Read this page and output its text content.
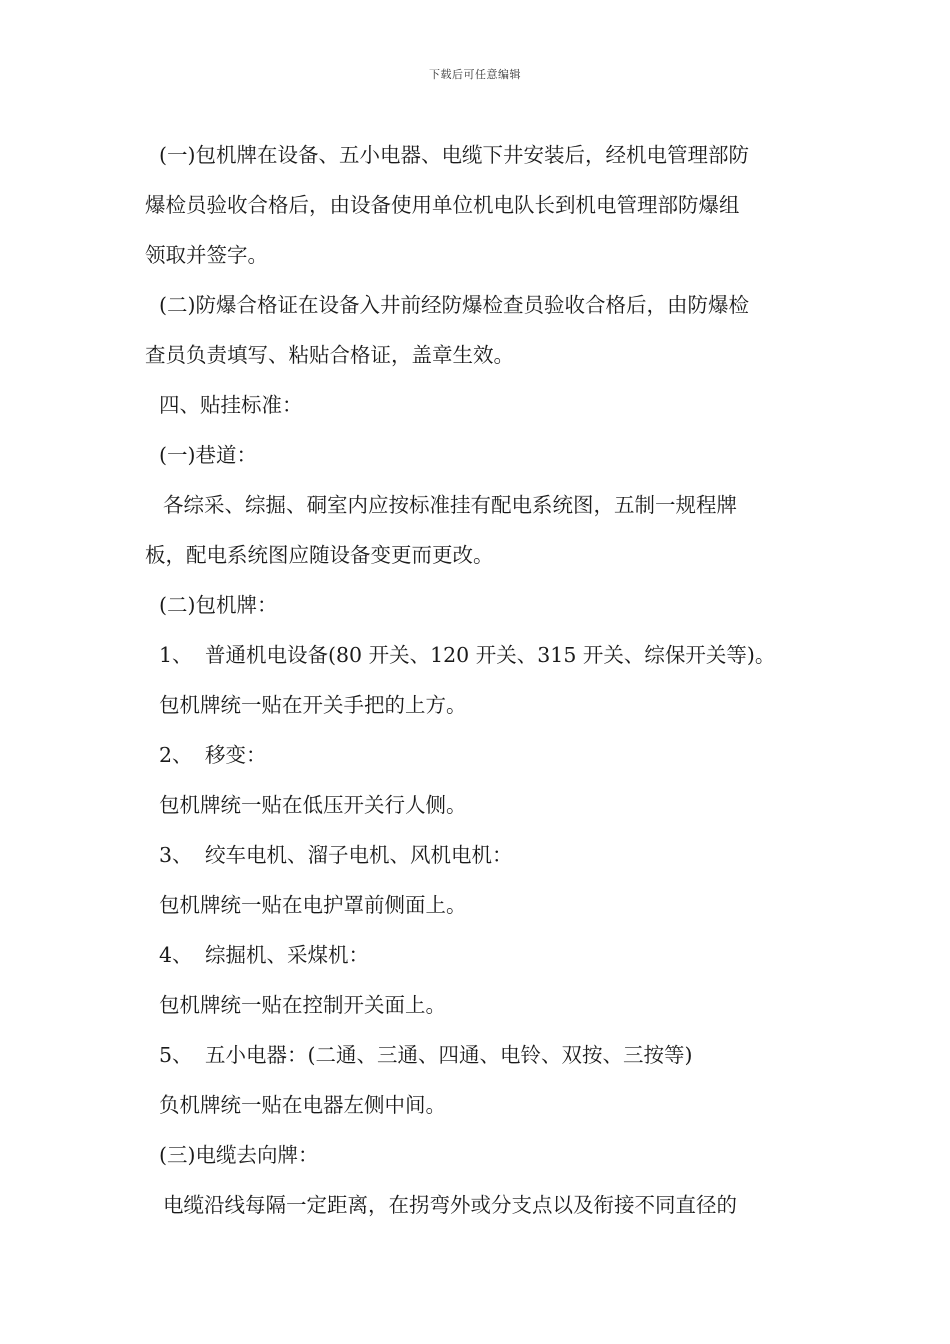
下载后可任意编辑
(一)包机牌在设备、五小电器、电缆下井安装后，经机电管理部防
爆检员验收合格后，由设备使用单位机电队长到机电管理部防爆组
领取并签字。
(二)防爆合格证在设备入井前经防爆检查员验收合格后，由防爆检
查员负责填写、粘贴合格证，盖章生效。
四、贴挂标准：
(一)巷道：
各综采、综掘、硐室内应按标准挂有配电系统图，五制一规程牌
板，配电系统图应随设备变更而更改。
(二)包机牌：
1、 普通机电设备(80 开关、120 开关、315 开关、综保开关等)。
包机牌统一贴在开关手把的上方。
2、 移变：
包机牌统一贴在低压开关行人侧。
3、 绞车电机、溜子电机、风机电机：
包机牌统一贴在电护罩前侧面上。
4、 综掘机、采煤机：
包机牌统一贴在控制开关面上。
5、 五小电器：(二通、三通、四通、电铃、双按、三按等)
负机牌统一贴在电器左侧中间。
(三)电缆去向牌：
电缆沿线每隔一定距离，在拐弯外或分支点以及衔接不同直径的
